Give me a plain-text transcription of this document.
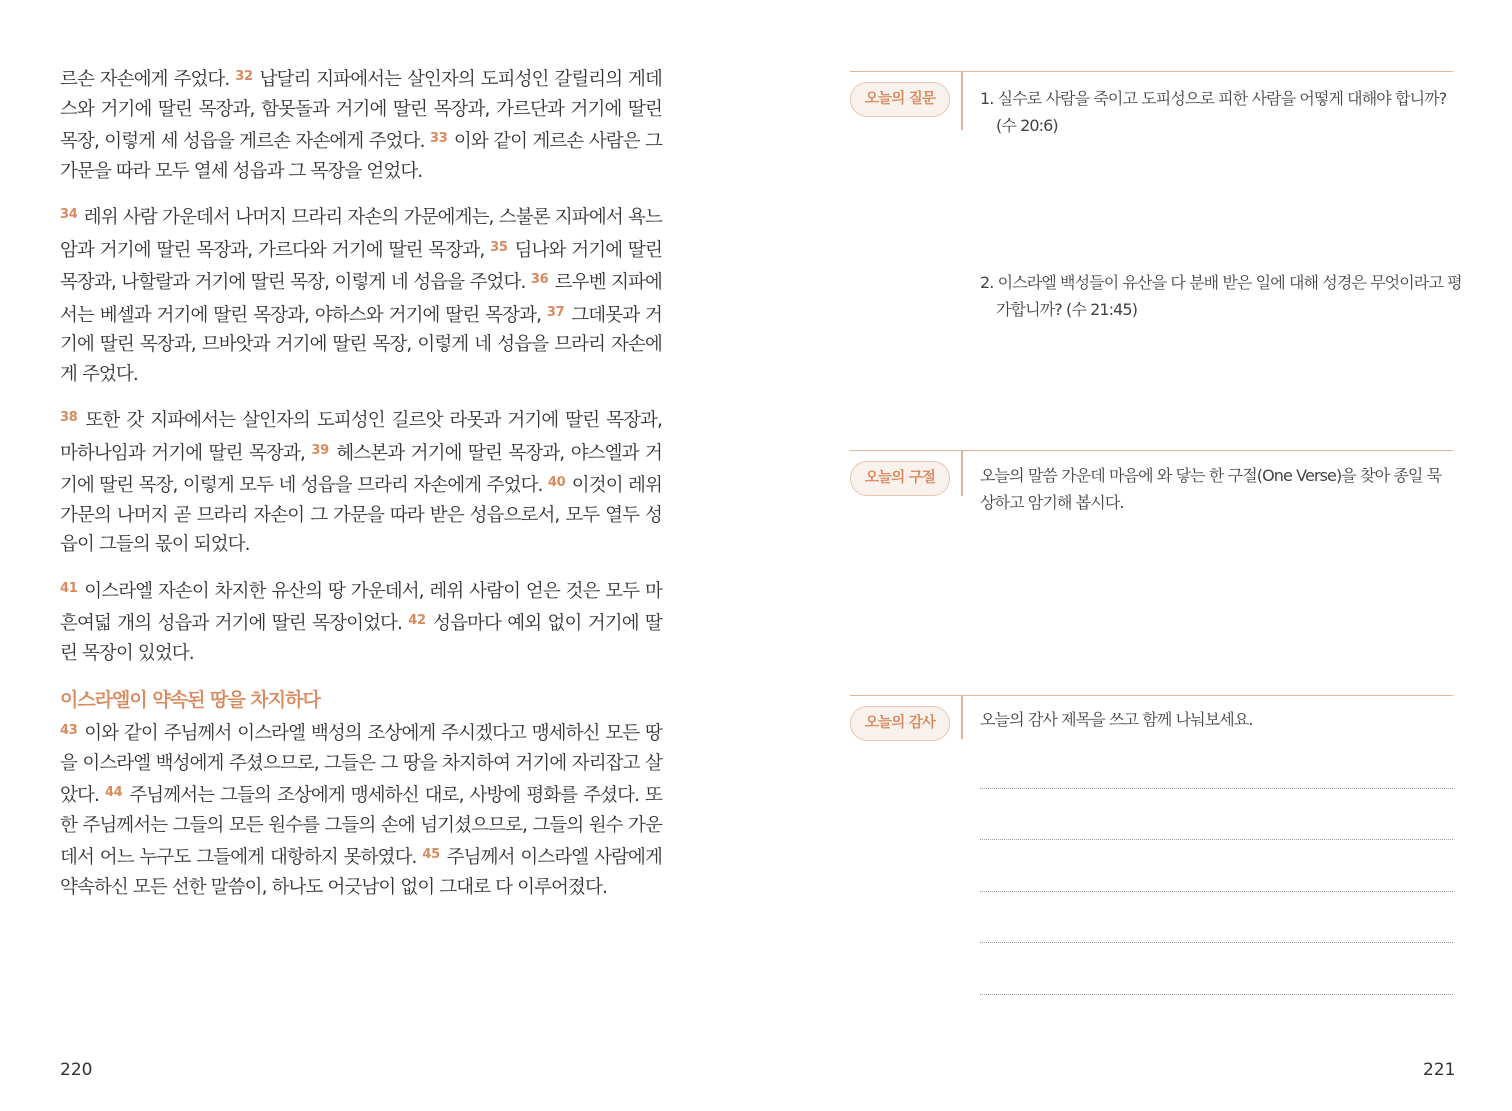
르손 자손에게 주었다. $^{32}$ 납달리 지파에서는 살인자의 도피성인 갈릴리의 게데스와 거기에 딸린 목장과, 함못돌과 거기에 딸린 목장과, 가르단과 거기에 딸린 목장, 이렇게 세 성읍을 게르손 자손에게 주었다. $^{33}$ 이와 같이 게르손 사람은 그 가문을 따라 모두 열세 성읍과 그 목장을 얻었다.

$^{34}$ 레위 사람 가운데서 나머지 므라리 자손의 가문에게는, 스불론 지파에서 욕느암과 거기에 딸린 목장과, 가르다와 거기에 딸린 목장과, $^{35}$ 딤나와 거기에 딸린 목장과, 나할랄과 거기에 딸린 목장, 이렇게 네 성읍을 주었다. $^{36}$ 르우벤 지파에서는 베셀과 거기에 딸린 목장과, 야하스와 거기에 딸린 목장과, $^{37}$ 그데못과 거기에 딸린 목장과, 므바앗과 거기에 딸린 목장, 이렇게 네 성읍을 므라리 자손에게 주었다.

$^{38}$ 또한 갓 지파에서는 살인자의 도피성인 길르앗 라못과 거기에 딸린 목장과, 마하나임과 거기에 딸린 목장과, $^{39}$ 헤스본과 거기에 딸린 목장과, 야스엘과 거기에 딸린 목장, 이렇게 모두 네 성읍을 므라리 자손에게 주었다. $^{40}$ 이것이 레위 가문의 나머지 곧 므라리 자손이 그 가문을 따라 받은 성읍으로서, 모두 열두 성읍이 그들의 몫이 되었다.

$^{41}$ 이스라엘 자손이 차지한 유산의 땅 가운데서, 레위 사람이 얻은 것은 모두 마흔여덟 개의 성읍과 거기에 딸린 목장이었다. $^{42}$ 성읍마다 예외 없이 거기에 딸린 목장이 있었다.

이스라엘이 약속된 땅을 차지하다

$^{43}$ 이와 같이 주님께서 이스라엘 백성의 조상에게 주시겠다고 맹세하신 모든 땅을 이스라엘 백성에게 주셨으므로, 그들은 그 땅을 차지하여 거기에 자리잡고 살았다. $^{44}$ 주님께서는 그들의 조상에게 맹세하신 대로, 사방에 평화를 주셨다. 또한 주님께서는 그들의 모든 원수를 그들의 손에 넘기셨으므로, 그들의 원수 가운데서 어느 누구도 그들에게 대항하지 못하였다. $^{45}$ 주님께서 이스라엘 사람에게 약속하신 모든 선한 말씀이, 하나도 어긋남이 없이 그대로 다 이루어졌다.

220
오늘의 질문	1. 실수로 사람을 죽이고 도피성으로 피한 사람을 어떻게 대해야 합니까? (수 20:6)
2. 이스라엘 백성들이 유산을 다 분배 받은 일에 대해 성경은 무엇이라고 평가합니까? (수 21:45)
오늘의 구절	오늘의 말씀 가운데 마음에 와 닿는 한 구절(One Verse)을 찾아 종일 묵상하고 암기해 봅시다.
오늘의 감사	오늘의 감사 제목을 쓰고 함께 나눠보세요.
221
